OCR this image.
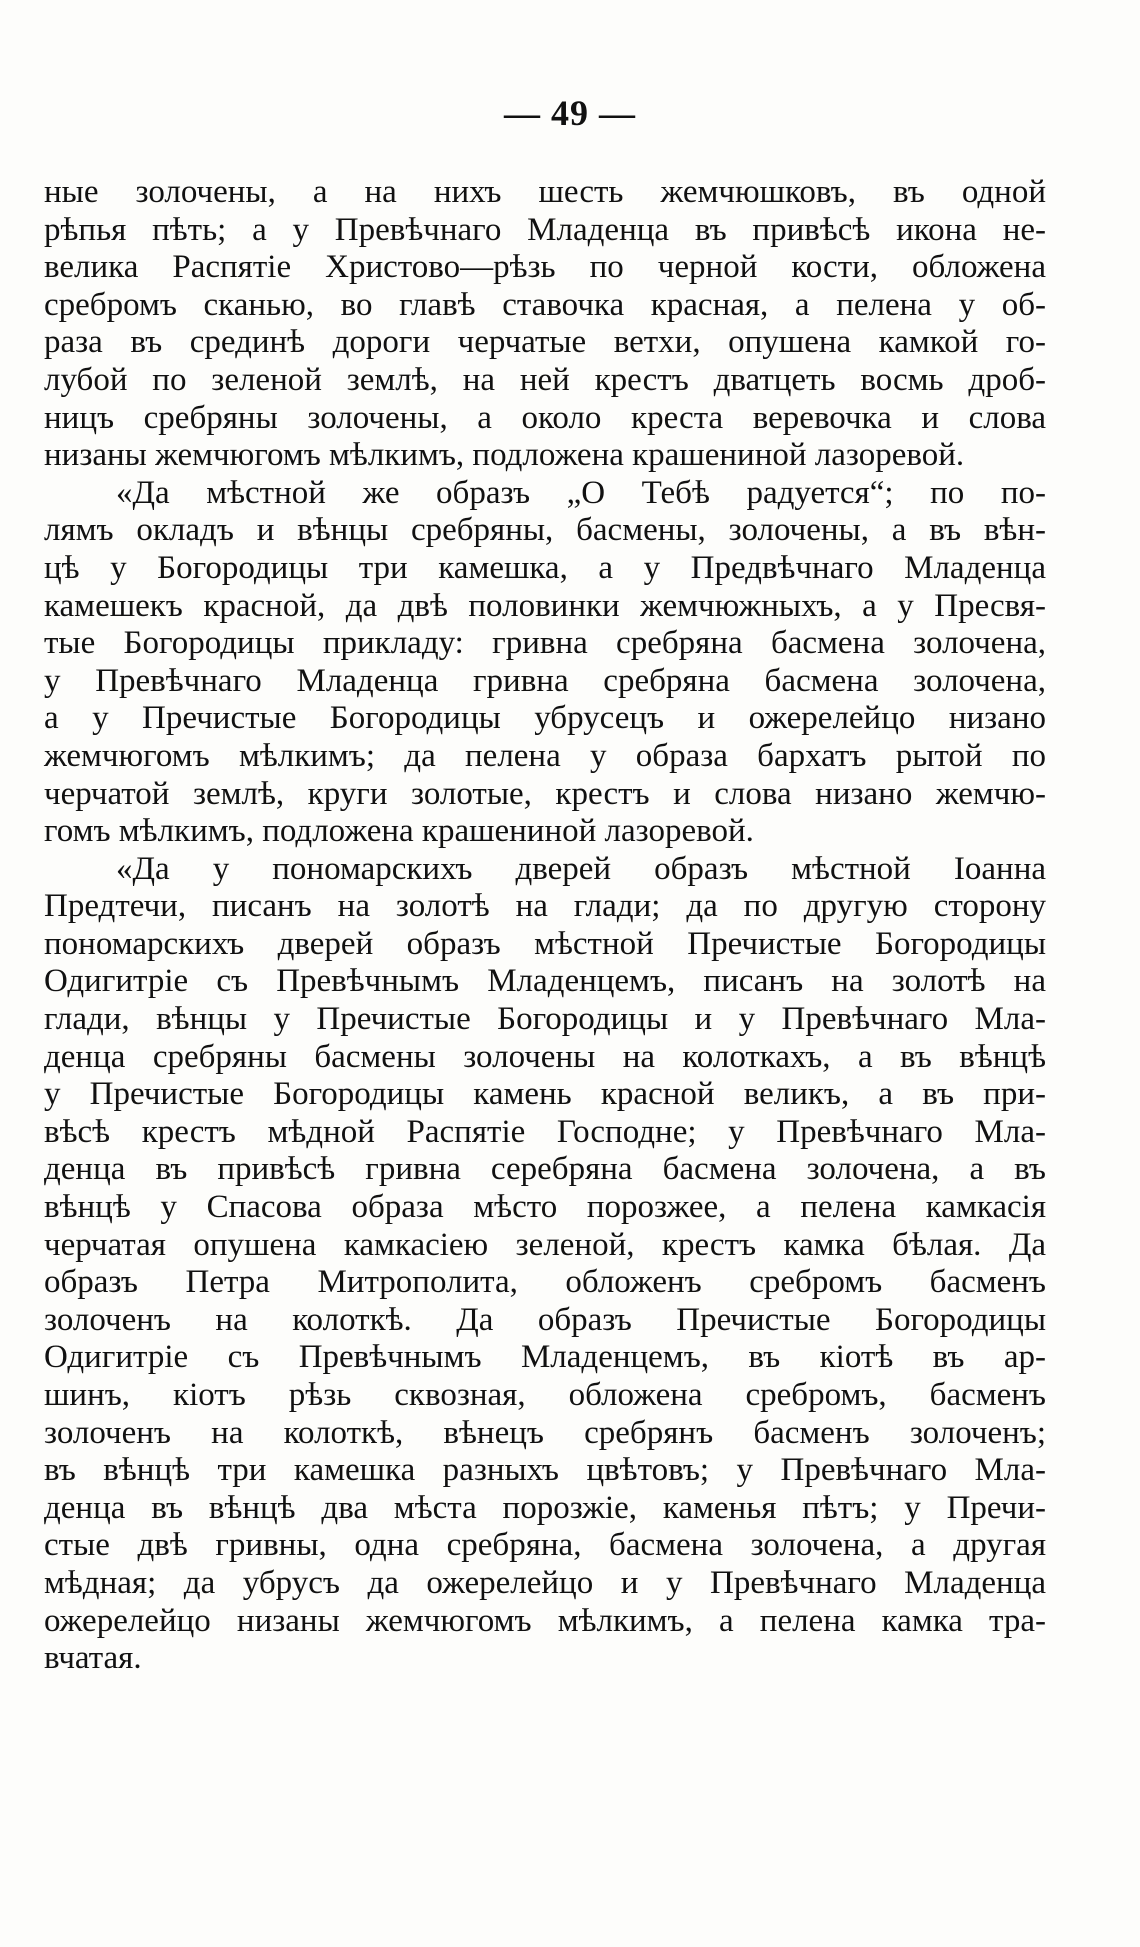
— 49 —
ные золочены, а на нихъ шесть жемчюшковъ, въ одной
рѣпья пѣть; а у Превѣчнаго Младенца въ привѣсѣ икона не-
велика Распятіе Христово—рѣзь по черной кости, обложена
сребромъ сканью, во главѣ ставочка красная, а пелена у об-
раза въ срединѣ дороги черчатые ветхи, опушена камкой го-
лубой по зеленой землѣ, на ней крестъ дватцеть восмь дроб-
ницъ сребряны золочены, а около креста веревочка и слова
низаны жемчюгомъ мѣлкимъ, подложена крашениной лазоревой.
«Да мѣстной же образъ „О Тебѣ радуется“; по по-
лямъ окладъ и вѣнцы сребряны, басмены, золочены, а въ вѣн-
цѣ у Богородицы три камешка, а у Предвѣчнаго Младенца
камешекъ красной, да двѣ половинки жемчюжныхъ, а у Пресвя-
тые Богородицы прикладу: гривна сребряна басмена золочена,
у Превѣчнаго Младенца гривна сребряна басмена золочена,
а у Пречистые Богородицы убрусецъ и ожерелейцо низано
жемчюгомъ мѣлкимъ; да пелена у образа бархатъ рытой по
черчатой землѣ, круги золотые, крестъ и слова низано жемчю-
гомъ мѣлкимъ, подложена крашениной лазоревой.
«Да у пономарскихъ дверей образъ мѣстной Іоанна
Предтечи, писанъ на золотѣ на глади; да по другую сторону
пономарскихъ дверей образъ мѣстной Пречистые Богородицы
Одигитріе съ Превѣчнымъ Младенцемъ, писанъ на золотѣ на
глади, вѣнцы у Пречистые Богородицы и у Превѣчнаго Мла-
денца сребряны басмены золочены на колоткахъ, а въ вѣнцѣ
у Пречистые Богородицы камень красной великъ, а въ при-
вѣсѣ крестъ мѣдной Распятіе Господне; у Превѣчнаго Мла-
денца въ привѣсѣ гривна серебряна басмена золочена, а въ
вѣнцѣ у Спасова образа мѣсто порозжее, а пелена камкасія
черчатая опушена камкасіею зеленой, крестъ камка бѣлая. Да
образъ Петра Митрополита, обложенъ сребромъ басменъ
золоченъ на колоткѣ. Да образъ Пречистые Богородицы
Одигитріе съ Превѣчнымъ Младенцемъ, въ кіотѣ въ ар-
шинъ, кіотъ рѣзь сквозная, обложена сребромъ, басменъ
золоченъ на колоткѣ, вѣнецъ сребрянъ басменъ золоченъ;
въ вѣнцѣ три камешка разныхъ цвѣтовъ; у Превѣчнаго Мла-
денца въ вѣнцѣ два мѣста порозжіе, каменья пѣтъ; у Пречи-
стые двѣ гривны, одна сребряна, басмена золочена, а другая
мѣдная; да убрусъ да ожерелейцо и у Превѣчнаго Младенца
ожерелейцо низаны жемчюгомъ мѣлкимъ, а пелена камка тра-
вчатая.
